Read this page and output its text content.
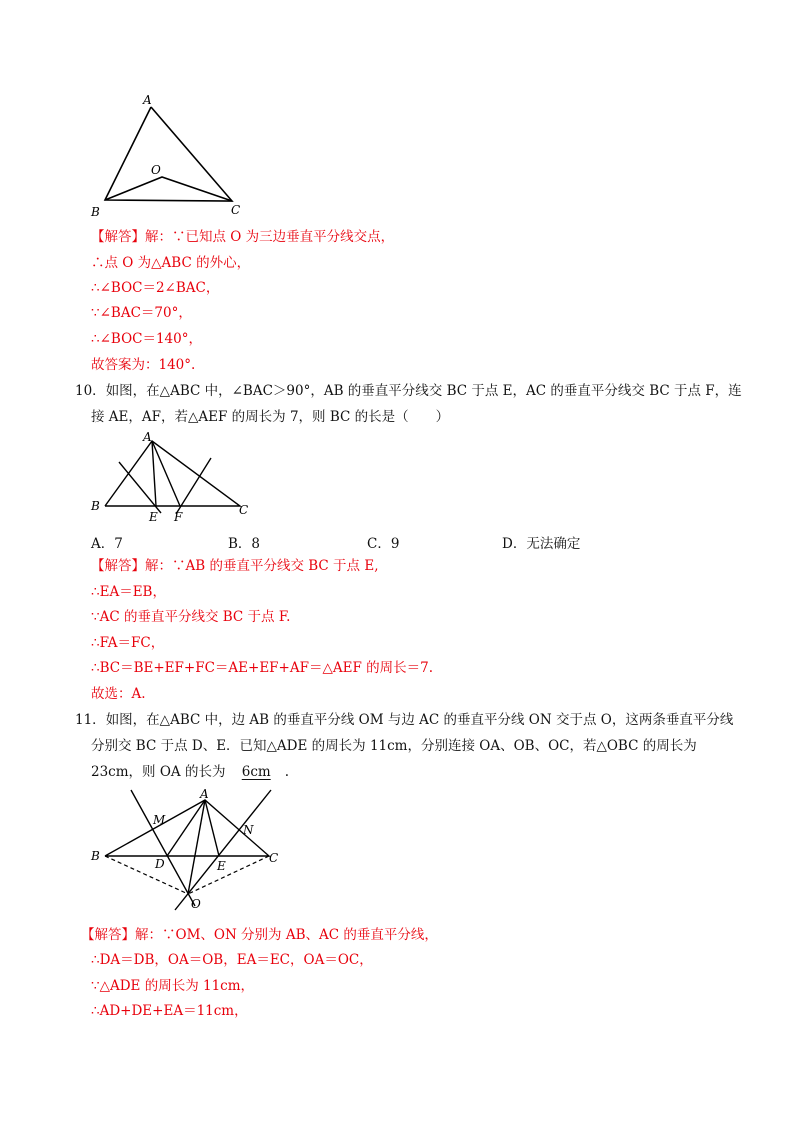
A
B	C
O
【解答】解：∵已知点 O 为三边垂直平分线交点，
∴点 O 为△ABC 的外心，
∴∠BOC＝2∠BAC，
∵∠BAC＝70°，
∴∠BOC＝140°，
故答案为：140°.
10．如图，在△ABC 中，∠BAC＞90°，AB 的垂直平分线交 BC 于点 E，AC 的垂直平分线交 BC 于点 F，连
接 AE，AF，若△AEF 的周长为 7，则 BC 的长是（　　）
A
B	C
E F
A．7	B．8	C．9	D．无法确定
【解答】解：∵AB 的垂直平分线交 BC 于点 E,
∴EA＝EB，
∵AC 的垂直平分线交 BC 于点 F.
∴FA＝FC，
∴BC＝BE+EF+FC＝AE+EF+AF＝△AEF 的周长＝7.
故选：A.
11．如图，在△ABC 中，边 AB 的垂直平分线 OM 与边 AC 的垂直平分线 ON 交于点 O，这两条垂直平分线
分别交 BC 于点 D、E．已知△ADE 的周长为 11cm，分别连接 OA、OB、OC，若△OBC 的周长为
23cm，则 OA 的长为 6cm .
A
B	C
D	E
M
N
O
【解答】解：∵OM、ON 分别为 AB、AC 的垂直平分线，
∴DA＝DB，OA＝OB，EA＝EC，OA＝OC，
∵△ADE 的周长为 11cm，
∴AD+DE+EA＝11cm，
